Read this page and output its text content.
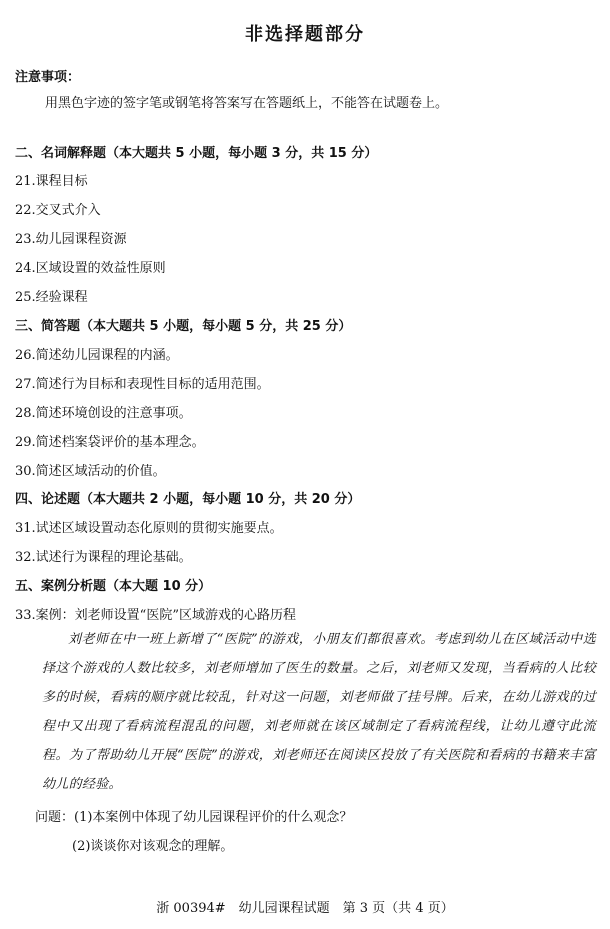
非选择题部分
注意事项：
用黑色字迹的签字笔或钢笔将答案写在答题纸上，不能答在试题卷上。
二、名词解释题（本大题共 5 小题，每小题 3 分，共 15 分）
21.课程目标
22.交叉式介入
23.幼儿园课程资源
24.区域设置的效益性原则
25.经验课程
三、简答题（本大题共 5 小题，每小题 5 分，共 25 分）
26.简述幼儿园课程的内涵。
27.简述行为目标和表现性目标的适用范围。
28.简述环境创设的注意事项。
29.简述档案袋评价的基本理念。
30.简述区域活动的价值。
四、论述题（本大题共 2 小题，每小题 10 分，共 20 分）
31.试述区域设置动态化原则的贯彻实施要点。
32.试述行为课程的理论基础。
五、案例分析题（本大题 10 分）
33.案例：刘老师设置“医院”区域游戏的心路历程
刘老师在中一班上新增了“医院”的游戏，小朋友们都很喜欢。考虑到幼儿在区域活动中选择这个游戏的人数比较多，刘老师增加了医生的数量。之后，刘老师又发现，当看病的人比较多的时候，看病的顺序就比较乱，针对这一问题，刘老师做了挂号牌。后来，在幼儿游戏的过程中又出现了看病流程混乱的问题，刘老师就在该区域制定了看病流程线，让幼儿遵守此流程。为了帮助幼儿开展“医院”的游戏，刘老师还在阅读区投放了有关医院和看病的书籍来丰富幼儿的经验。
问题：(1)本案例中体现了幼儿园课程评价的什么观念？
(2)谈谈你对该观念的理解。
浙 00394#　幼儿园课程试题　第 3 页（共 4 页）
